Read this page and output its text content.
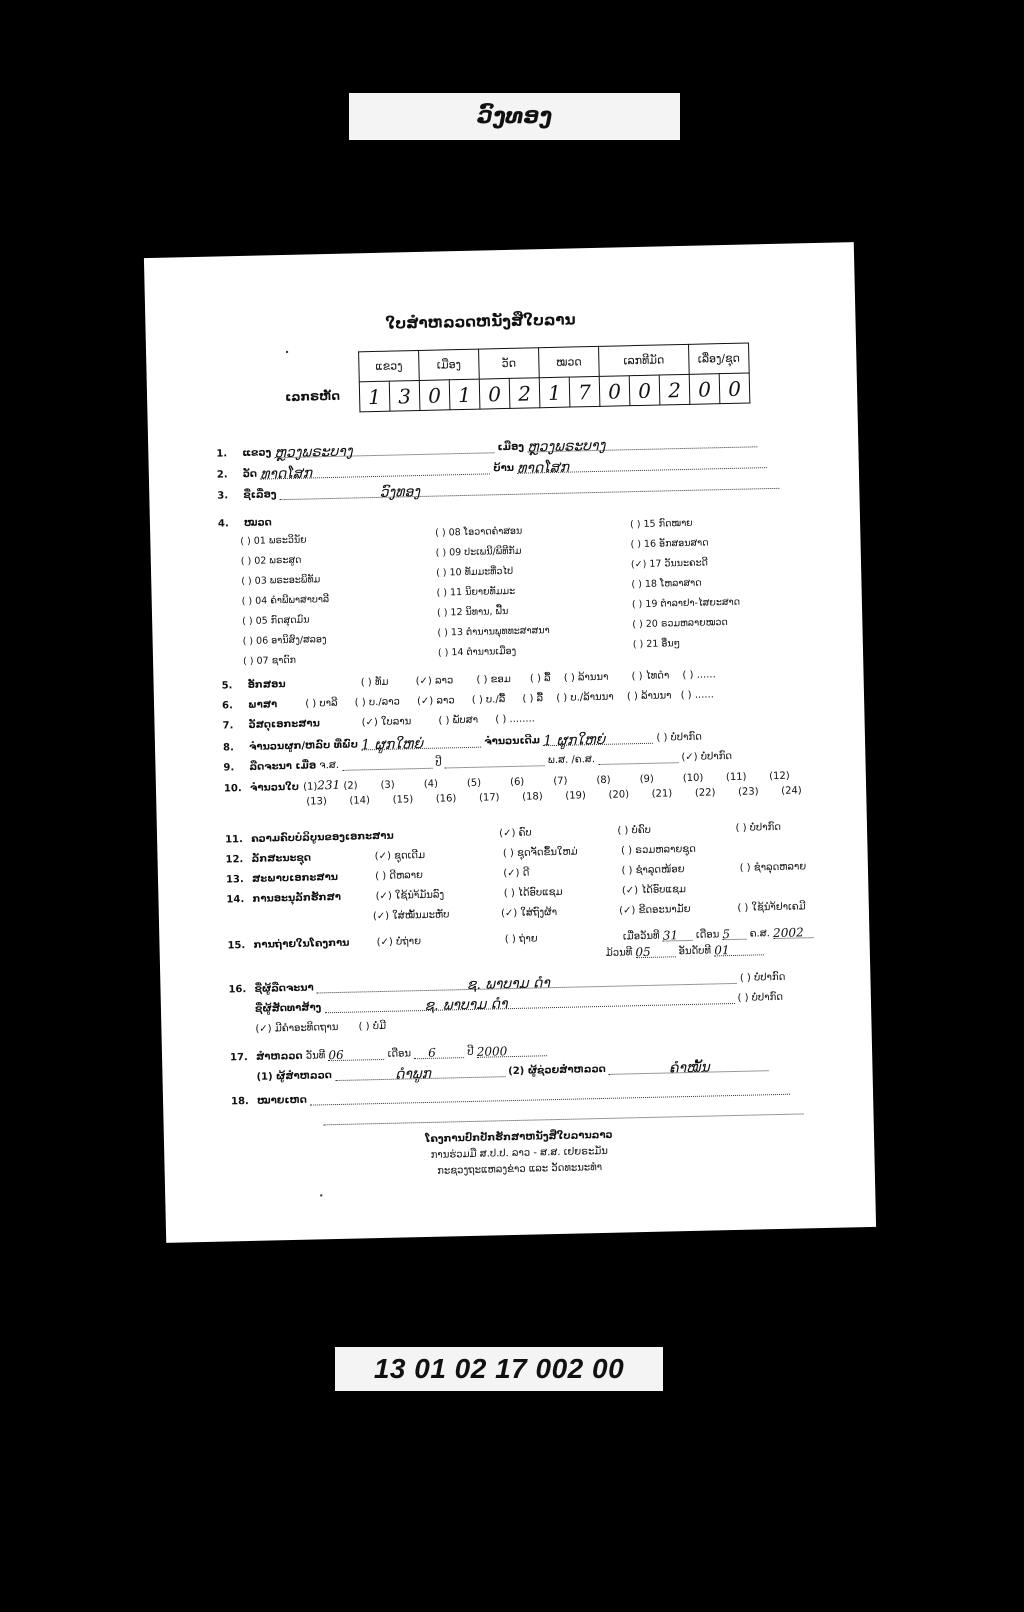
ວົງທອງ
ໃບສຳຫລວດຫນັງສືໃບລານ
ເລກຣຫັດ
ແຂວງ		ເມືອງ		ວັດ		ໝວດ		ເລກທີມັດ			ເລື່ອງ/ຊຸດ	
1	3	0	1	0	2	1	7	0	0	2	0	0
1. ແຂວງ ຫຼວງພຣະບາງ	ເມືອງ ຫຼວງພຣະບາງ
2. ວັດ ທາດໂສກ	ບ້ານ ທາດໂສກ
3. ຊື່ເລື່ອງ	ວົງທອງ
4. ໝວດ
( ) 01 ພຣະວິນັຍ
( ) 02 ພຣະສູດ
( ) 03 ພຣະອະພິທັມ
( ) 04 ຄຳພີພາສາບາລີ
( ) 05 ກົດສຸດມົນ
( ) 06 ອານິສົງ/ສລອງ
( ) 07 ຊາດົກ
( ) 08 ໂອວາດຄຳສອນ
( ) 09 ປະເພນີ/ພິທີກັມ
( ) 10 ທັມມະທີ່ວໄປ
( ) 11 ນິຍາຍທັມມະ
( ) 12 ນິທານ, ຟື້ນ
( ) 13 ຕຳນານພຸທທະສາສນາ
( ) 14 ຕຳນານເມືອງ
( ) 15 ກົດໝາຍ
( ) 16 ອັກສອນສາດ
(✓) 17 ວັນນະຄະດີ
( ) 18 ໂຫລາສາດ
( ) 19 ຕຳລາຢາ-ໄສຍະສາດ
( ) 20 ຣວມຫລາຍໝວດ
( ) 21 ອື່ນໆ
5. ອັກສອນ	( ) ທັມ	(✓) ລາວ ( ) ຂອມ ( ) ລື້ ( ) ລ້ານນາ ( ) ໄທດຳ ( ) ......
6. ພາສາ	( ) ບາລີ ( ) ບ./ລາວ (✓) ລາວ ( ) ບ./ລື້ ( ) ລື້ ( ) ບ./ລ້ານນາ ( ) ລ້ານນາ ( ) ......
7. ວັສດຸ​ເອກະສານ	(✓) ໃບລານ	( ) ພັບສາ ( ) ........
8. ຈຳນວນຜູກ/ຫລົບ ທີ່ພົບ 1 ຜູກໃຫຍ່	ຈຳນວນເດີມ 1 ຜູກໃຫຍ່	( ) ບໍ່ປາກົດ
9. ລືດຈະນາ ເມື່ອ ຈ.ສ.	ປີ	ພ.ສ. /ຄ.ສ.	(✓) ບໍ່ປາກົດ
10. ຈຳນວນໃບ (1)231 (2) (3)	(4)	(5)	(6)	(7)	(8)	(9)	(10) (11) (12)
(13) (14) (15) (16) (17) (18) (19) (20) (21) (22) (23) (24)
11. ຄວາມຄົບບໍລິບູນຂອງເອກະສານ	(✓) ຄົບ	( ) ບໍ່ຄົບ	( ) ບໍ່ປາກົດ
12. ລັກສະນະຊຸດ	(✓) ຊຸດເດີມ	( ) ຊຸດຈັດຂຶ້ນໃຫມ່	( ) ຣວມຫລາຍຊຸດ
13. ສະພາບເອກະສານ	( ) ດີຫລາຍ	(✓) ດີ	( ) ຊຳລຸດໜ້ອຍ	( ) ຊຳລຸດຫລາຍ
14. ການອະນຸລັກຮັກສາ	(✓) ໃຊ້ນຳ້ມັນລົງ	( ) ໄດ້ອົບແຊມ	(✓) ໄດ້ອົບແຊມ
(✓) ໃສ່ໝັ້ນມະຫັບ	(✓) ໃສ່ຖົງຜ້າ	(✓) ຂີດອະນາມັຍ	( ) ໃຊ້ນຳ້ຢາເຄມີ
15. ການຖ່າຍໃນໂຄງການ	(✓) ບໍ່ຖ່າຍ	( ) ຖ່າຍ	ເມື່ອວັນທີ 31 ເດືອນ 5 ຄ.ສ. 2002
ມ້ວນທີ 05	ອັນດັບທີ 01
16. ຊື່ຜູ້ລືດຈະນາ	ຊ. ພາບາມ ດຳ	( ) ບໍ່ປາກົດ
ຊື່ຜູ້ສັດທາສ້າງ	ຊ. ພາບາມ ດຳ	( ) ບໍ່ປາກົດ
(✓) ມີຄຳອະທິດຖານ ( ) ບໍ່ມີ
17. ສຳຫລວດ ວັນທີ 06	ເດືອນ 6	ປີ 2000
(1) ຜູ້ສຳຫລວດ	ດຳພູກ	(2) ຜູ້ຊ່ວຍສຳຫລວດ	ຄຳໝັ້ນ
18. ໝາຍເຫດ
ໂຄງການປົກປັກຮັກສາຫນັງສືໃບລານລາວ
ການຮ່ວມມື ສ.ປ.ປ. ລາວ - ສ.ສ. ເຢຍຣະມັນ
ກະຊວງຖະແຫລງຂ່າວ ແລະ ວັດທະນະທຳ
13 01 02 17 002 00
